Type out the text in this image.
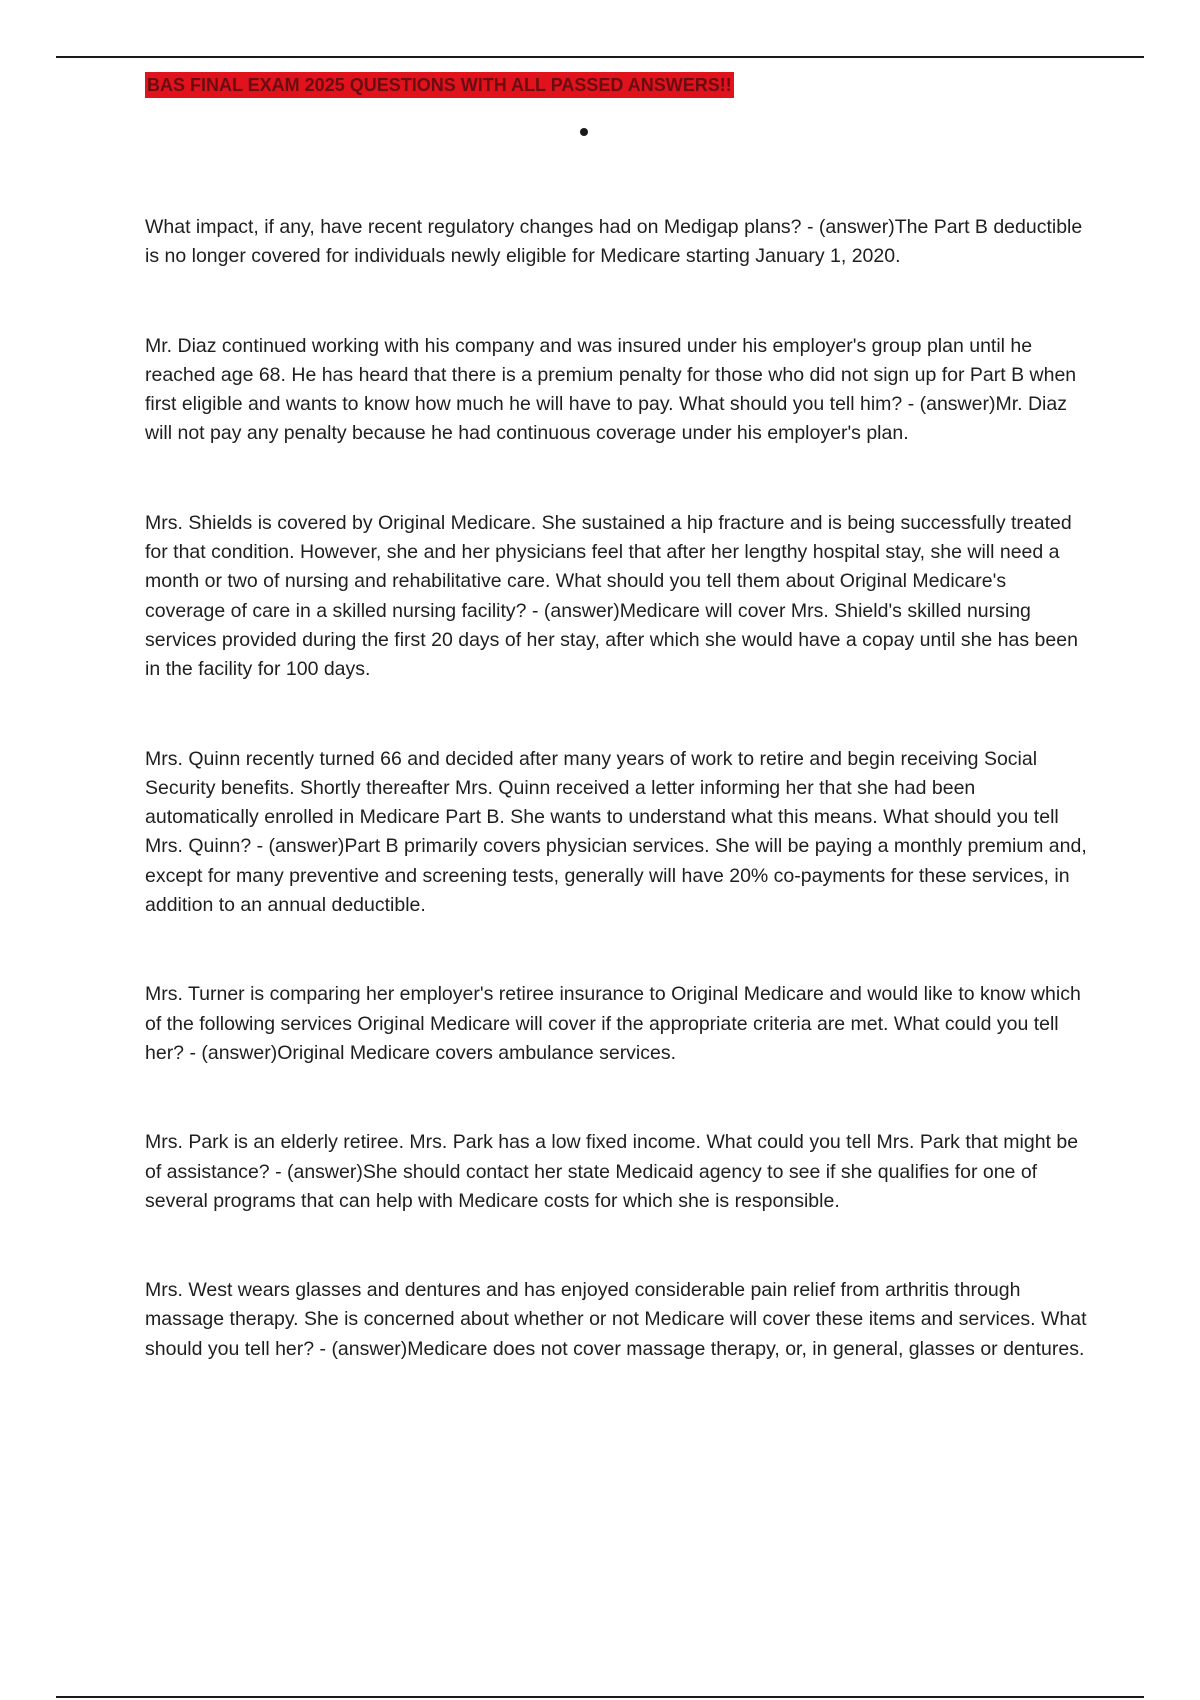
BAS FINAL EXAM 2025 QUESTIONS WITH ALL PASSED ANSWERS!!

What impact, if any, have recent regulatory changes had on Medigap plans? - (answer)The Part B deductible is no longer covered for individuals newly eligible for Medicare starting January 1, 2020.

Mr. Diaz continued working with his company and was insured under his employer's group plan until he reached age 68. He has heard that there is a premium penalty for those who did not sign up for Part B when first eligible and wants to know how much he will have to pay. What should you tell him? - (answer)Mr. Diaz will not pay any penalty because he had continuous coverage under his employer's plan.

Mrs. Shields is covered by Original Medicare. She sustained a hip fracture and is being successfully treated for that condition. However, she and her physicians feel that after her lengthy hospital stay, she will need a month or two of nursing and rehabilitative care. What should you tell them about Original Medicare's coverage of care in a skilled nursing facility? - (answer)Medicare will cover Mrs. Shield's skilled nursing services provided during the first 20 days of her stay, after which she would have a copay until she has been in the facility for 100 days.

Mrs. Quinn recently turned 66 and decided after many years of work to retire and begin receiving Social Security benefits. Shortly thereafter Mrs. Quinn received a letter informing her that she had been automatically enrolled in Medicare Part B. She wants to understand what this means. What should you tell Mrs. Quinn? - (answer)Part B primarily covers physician services. She will be paying a monthly premium and, except for many preventive and screening tests, generally will have 20% co-payments for these services, in addition to an annual deductible.

Mrs. Turner is comparing her employer's retiree insurance to Original Medicare and would like to know which of the following services Original Medicare will cover if the appropriate criteria are met. What could you tell her? - (answer)Original Medicare covers ambulance services.

Mrs. Park is an elderly retiree. Mrs. Park has a low fixed income. What could you tell Mrs. Park that might be of assistance? - (answer)She should contact her state Medicaid agency to see if she qualifies for one of several programs that can help with Medicare costs for which she is responsible.

Mrs. West wears glasses and dentures and has enjoyed considerable pain relief from arthritis through massage therapy. She is concerned about whether or not Medicare will cover these items and services. What should you tell her? - (answer)Medicare does not cover massage therapy, or, in general, glasses or dentures.
